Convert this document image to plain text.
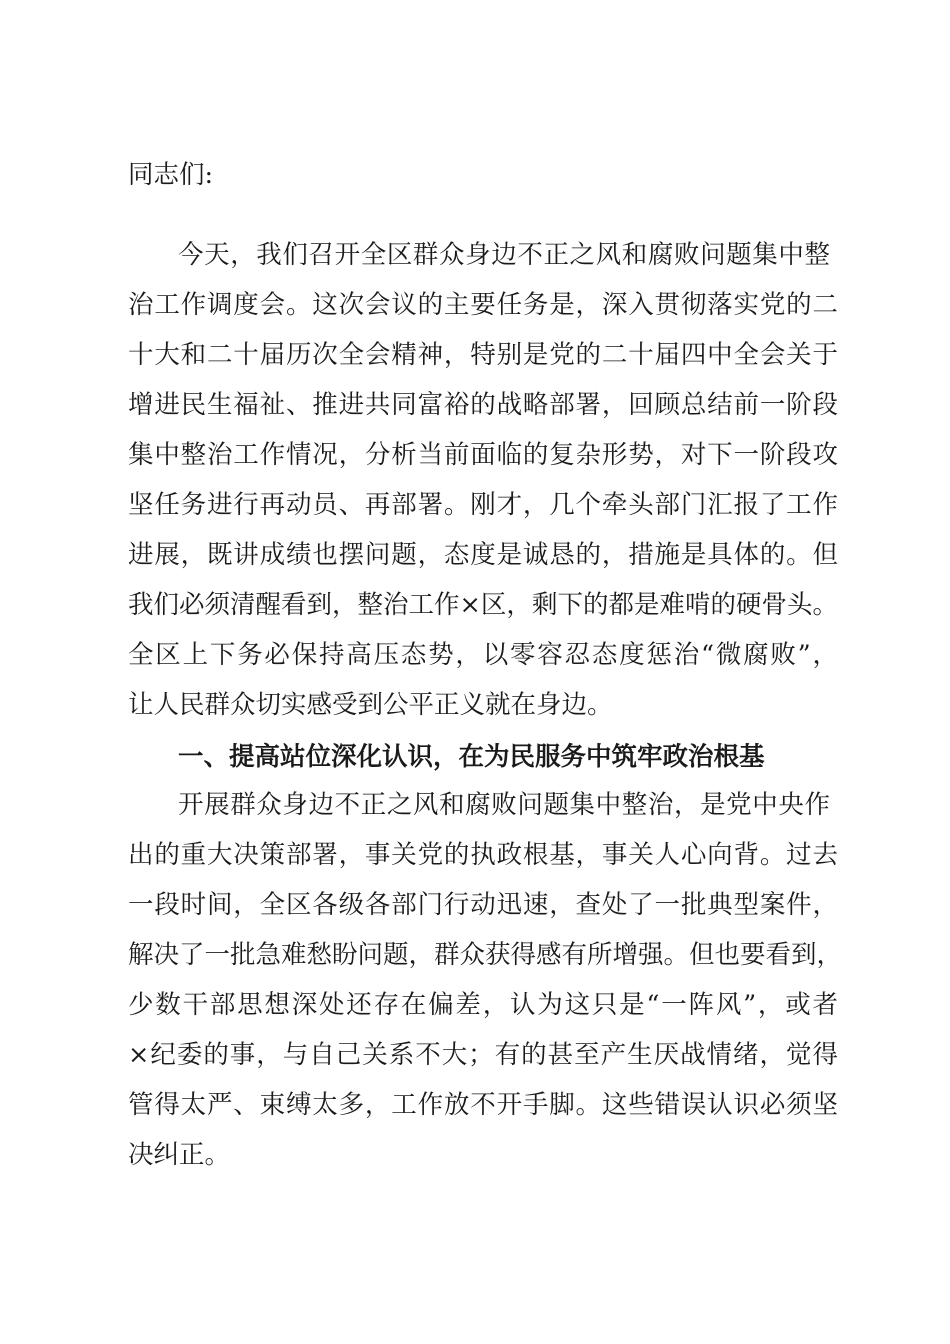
同志们:
今天，我们召开全区群众身边不正之风和腐败问题集中整
治工作调度会。这次会议的主要任务是，深入贯彻落实党的二
十大和二十届历次全会精神，特别是党的二十届四中全会关于
增进民生福祉、推进共同富裕的战略部署，回顾总结前一阶段
集中整治工作情况，分析当前面临的复杂形势，对下一阶段攻
坚任务进行再动员、再部署。刚才，几个牵头部门汇报了工作
进展，既讲成绩也摆问题，态度是诚恳的，措施是具体的。但
我们必须清醒看到，整治工作×区，剩下的都是难啃的硬骨头。
全区上下务必保持高压态势，以零容忍态度惩治“微腐败”，
让人民群众切实感受到公平正义就在身边。
一、提高站位深化认识，在为民服务中筑牢政治根基
开展群众身边不正之风和腐败问题集中整治，是党中央作
出的重大决策部署，事关党的执政根基，事关人心向背。过去
一段时间，全区各级各部门行动迅速，查处了一批典型案件，
解决了一批急难愁盼问题，群众获得感有所增强。但也要看到，
少数干部思想深处还存在偏差，认为这只是“一阵风”，或者
×纪委的事，与自己关系不大；有的甚至产生厌战情绪，觉得
管得太严、束缚太多，工作放不开手脚。这些错误认识必须坚
决纠正。
